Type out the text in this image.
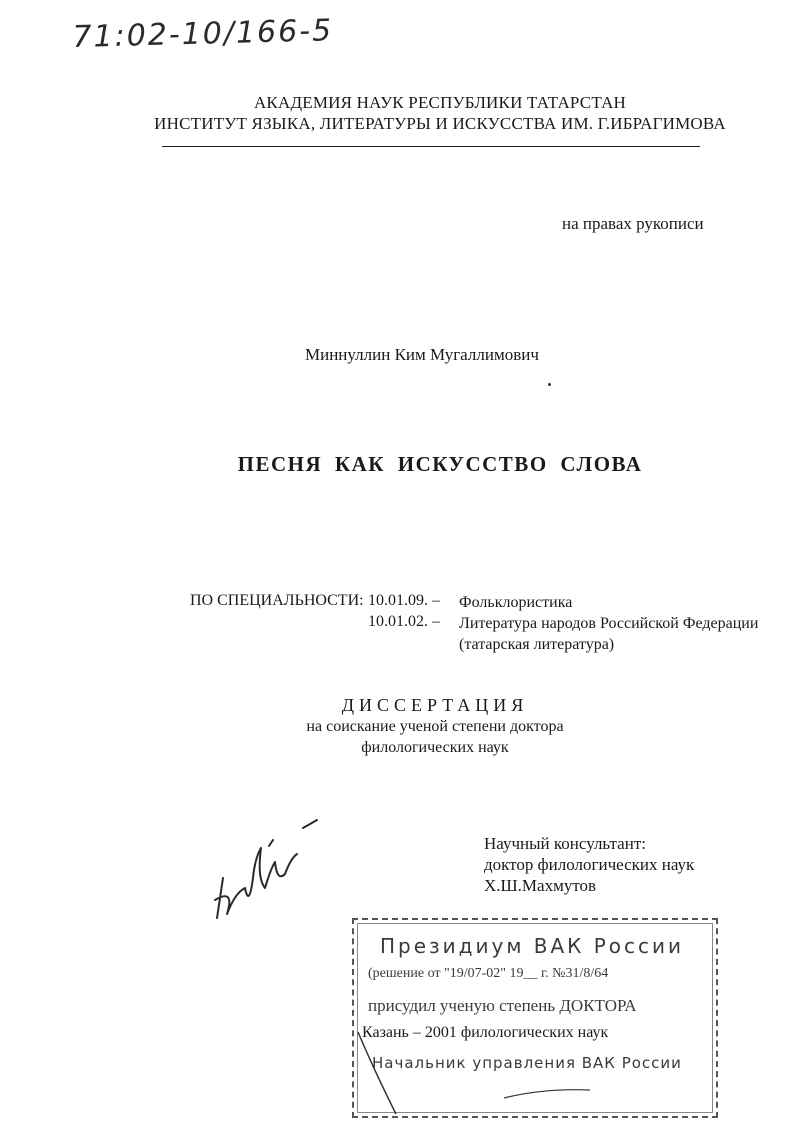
71:02-10/166-5
АКАДЕМИЯ НАУК РЕСПУБЛИКИ ТАТАРСТАН
ИНСТИТУТ ЯЗЫКА, ЛИТЕРАТУРЫ И ИСКУССТВА ИМ. Г.ИБРАГИМОВА
на правах рукописи
Миннуллин Ким Мугаллимович
ПЕСНЯ КАК ИСКУССТВО СЛОВА
ПО СПЕЦИАЛЬНОСТИ: 10.01.09. – Фольклористика
10.01.02. – Литература народов Российской Федерации (татарская литература)
ДИССЕРТАЦИЯ
на соискание ученой степени доктора филологических наук
Научный консультант:
доктор филологических наук
Х.Ш.Махмутов
Президиум ВАК России
(решение от "19/07-02" 19__ г. №31/8/64
присудил ученую степень ДОКТОРА
Казань – 2001 филологических наук
Начальник управления ВАК России
